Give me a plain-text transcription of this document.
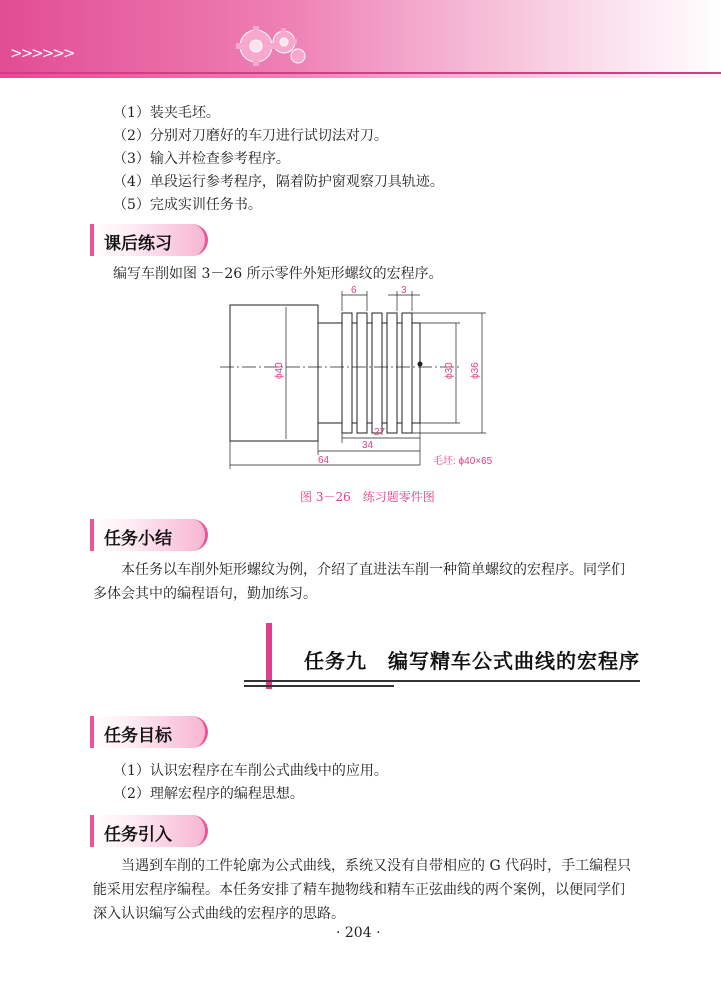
>>>>>>
（1）装夹毛坯。
（2）分别对刀磨好的车刀进行试切法对刀。
（3）输入并检查参考程序。
（4）单段运行参考程序，隔着防护窗观察刀具轨迹。
（5）完成实训任务书。
课后练习
编写车削如图 3－26 所示零件外矩形螺纹的宏程序。
6	3
ϕ40	ϕ30 ϕ36
27
34
64	毛坯: ϕ40×65
图 3－26　练习题零件图
任务小结
本任务以车削外矩形螺纹为例，介绍了直进法车削一种简单螺纹的宏程序。同学们多体会其中的编程语句，勤加练习。
任务九　编写精车公式曲线的宏程序
任务目标
（1）认识宏程序在车削公式曲线中的应用。
（2）理解宏程序的编程思想。
任务引入
当遇到车削的工件轮廓为公式曲线，系统又没有自带相应的 G 代码时，手工编程只能采用宏程序编程。本任务安排了精车抛物线和精车正弦曲线的两个案例，以便同学们深入认识编写公式曲线的宏程序的思路。
· 204 ·
